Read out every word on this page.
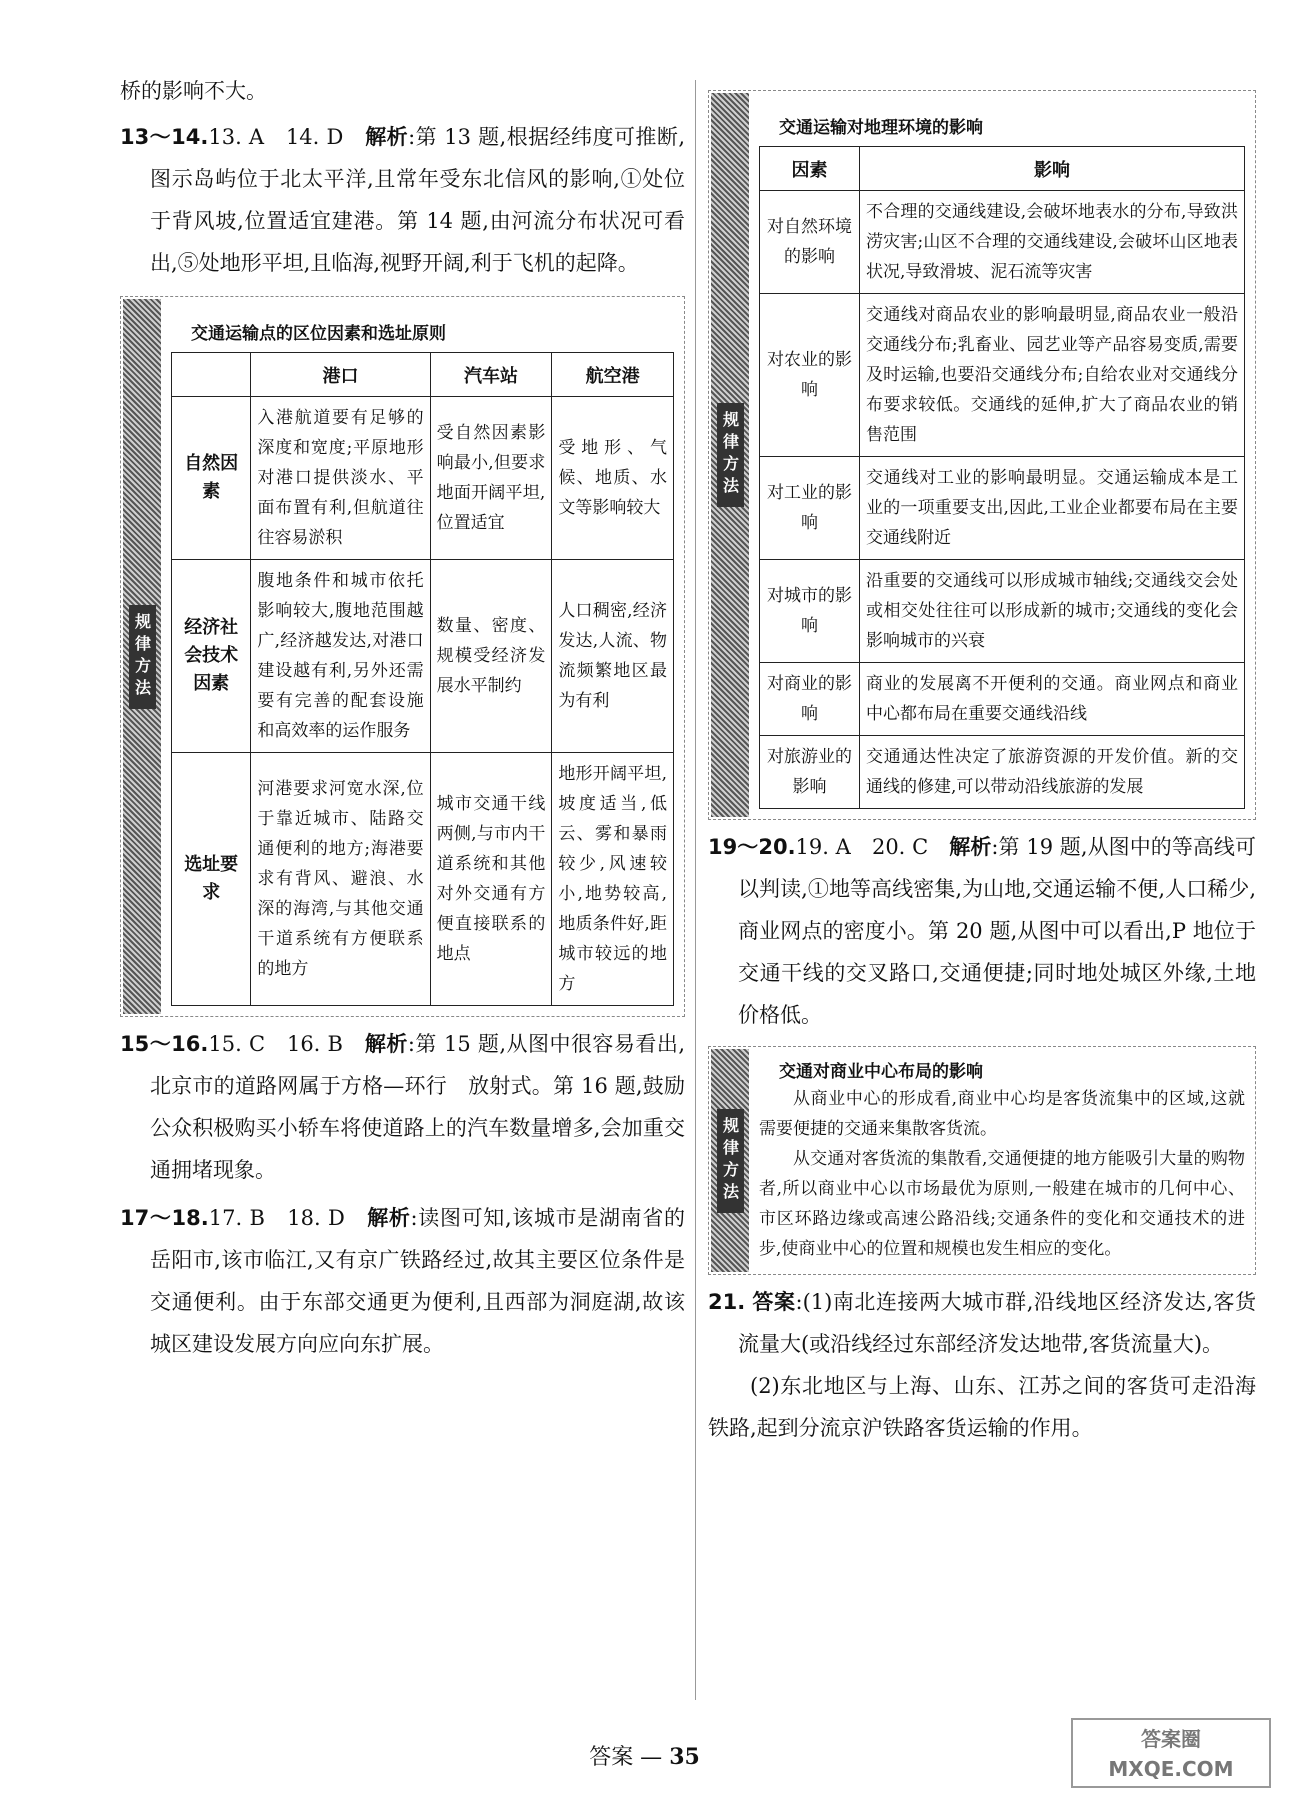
桥的影响不大。

13～14.13. A　14. D　解析:第 13 题,根据经纬度可推断,图示岛屿位于北太平洋,且常年受东北信风的影响,①处位于背风坡,位置适宜建港。第 14 题,由河流分布状况可看出,⑤处地形平坦,且临海,视野开阔,利于飞机的起降。

规律方法
交通运输点的区位因素和选址原则
	港口	汽车站	航空港
自然因素	入港航道要有足够的深度和宽度;平原地形对港口提供淡水、平面布置有利,但航道往往容易淤积	受自然因素影响最小,但要求地面开阔平坦,位置适宜	受地形、气候、地质、水文等影响较大
经济社会技术因素	腹地条件和城市依托影响较大,腹地范围越广,经济越发达,对港口建设越有利,另外还需要有完善的配套设施和高效率的运作服务	数量、密度、规模受经济发展水平制约	人口稠密,经济发达,人流、物流频繁地区最为有利
选址要求	河港要求河宽水深,位于靠近城市、陆路交通便利的地方;海港要求有背风、避浪、水深的海湾,与其他交通干道系统有方便联系的地方	城市交通干线两侧,与市内干道系统和其他对外交通有方便直接联系的地点	地形开阔平坦,坡度适当,低云、雾和暴雨较少,风速较小,地势较高,地质条件好,距城市较远的地方

15～16.15. C　16. B　解析:第 15 题,从图中很容易看出,北京市的道路网属于方格—环行　放射式。第 16 题,鼓励公众积极购买小轿车将使道路上的汽车数量增多,会加重交通拥堵现象。

17～18.17. B　18. D　解析:读图可知,该城市是湖南省的岳阳市,该市临江,又有京广铁路经过,故其主要区位条件是交通便利。由于东部交通更为便利,且西部为洞庭湖,故该城区建设发展方向应向东扩展。

规律方法
交通运输对地理环境的影响
因素	影响
对自然环境的影响	不合理的交通线建设,会破坏地表水的分布,导致洪涝灾害;山区不合理的交通线建设,会破坏山区地表状况,导致滑坡、泥石流等灾害
对农业的影响	交通线对商品农业的影响最明显,商品农业一般沿交通线分布;乳畜业、园艺业等产品容易变质,需要及时运输,也要沿交通线分布;自给农业对交通线分布要求较低。交通线的延伸,扩大了商品农业的销售范围
对工业的影响	交通线对工业的影响最明显。交通运输成本是工业的一项重要支出,因此,工业企业都要布局在主要交通线附近
对城市的影响	沿重要的交通线可以形成城市轴线;交通线交会处或相交处往往可以形成新的城市;交通线的变化会影响城市的兴衰
对商业的影响	商业的发展离不开便利的交通。商业网点和商业中心都布局在重要交通线沿线
对旅游业的影响	交通通达性决定了旅游资源的开发价值。新的交通线的修建,可以带动沿线旅游的发展

19～20.19. A　20. C　解析:第 19 题,从图中的等高线可以判读,①地等高线密集,为山地,交通运输不便,人口稀少,商业网点的密度小。第 20 题,从图中可以看出,P 地位于交通干线的交叉路口,交通便捷;同时地处城区外缘,土地价格低。

规律方法
交通对商业中心布局的影响

从商业中心的形成看,商业中心均是客货流集中的区域,这就需要便捷的交通来集散客货流。

从交通对客货流的集散看,交通便捷的地方能吸引大量的购物者,所以商业中心以市场最优为原则,一般建在城市的几何中心、市区环路边缘或高速公路沿线;交通条件的变化和交通技术的进步,使商业中心的位置和规模也发生相应的变化。

21. 答案:(1)南北连接两大城市群,沿线地区经济发达,客货流量大(或沿线经过东部经济发达地带,客货流量大)。

(2)东北地区与上海、山东、江苏之间的客货可走沿海铁路,起到分流京沪铁路客货运输的作用。

答案 — 35
答案圈
MXQE.COM
